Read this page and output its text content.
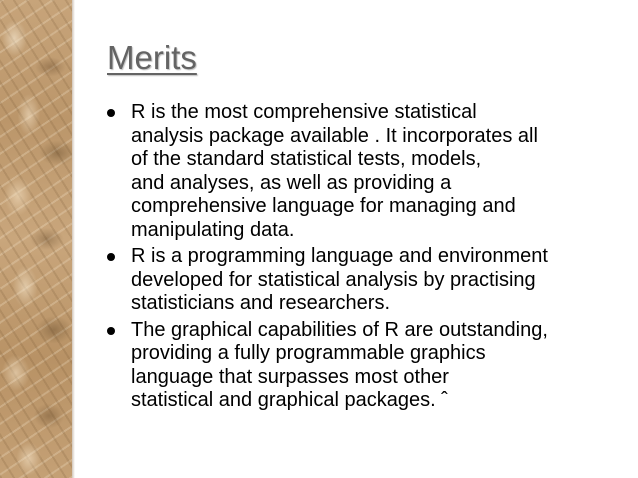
Merits
R is the most comprehensive statistical
analysis package available . It incorporates all
of the standard statistical tests, models,
and analyses, as well as providing a
comprehensive language for managing and
manipulating data.
R is a programming language and environment
developed for statistical analysis by practising
statisticians and researchers.
The graphical capabilities of R are outstanding,
providing a fully programmable graphics
language that surpasses most other
statistical and graphical packages. ˆ
